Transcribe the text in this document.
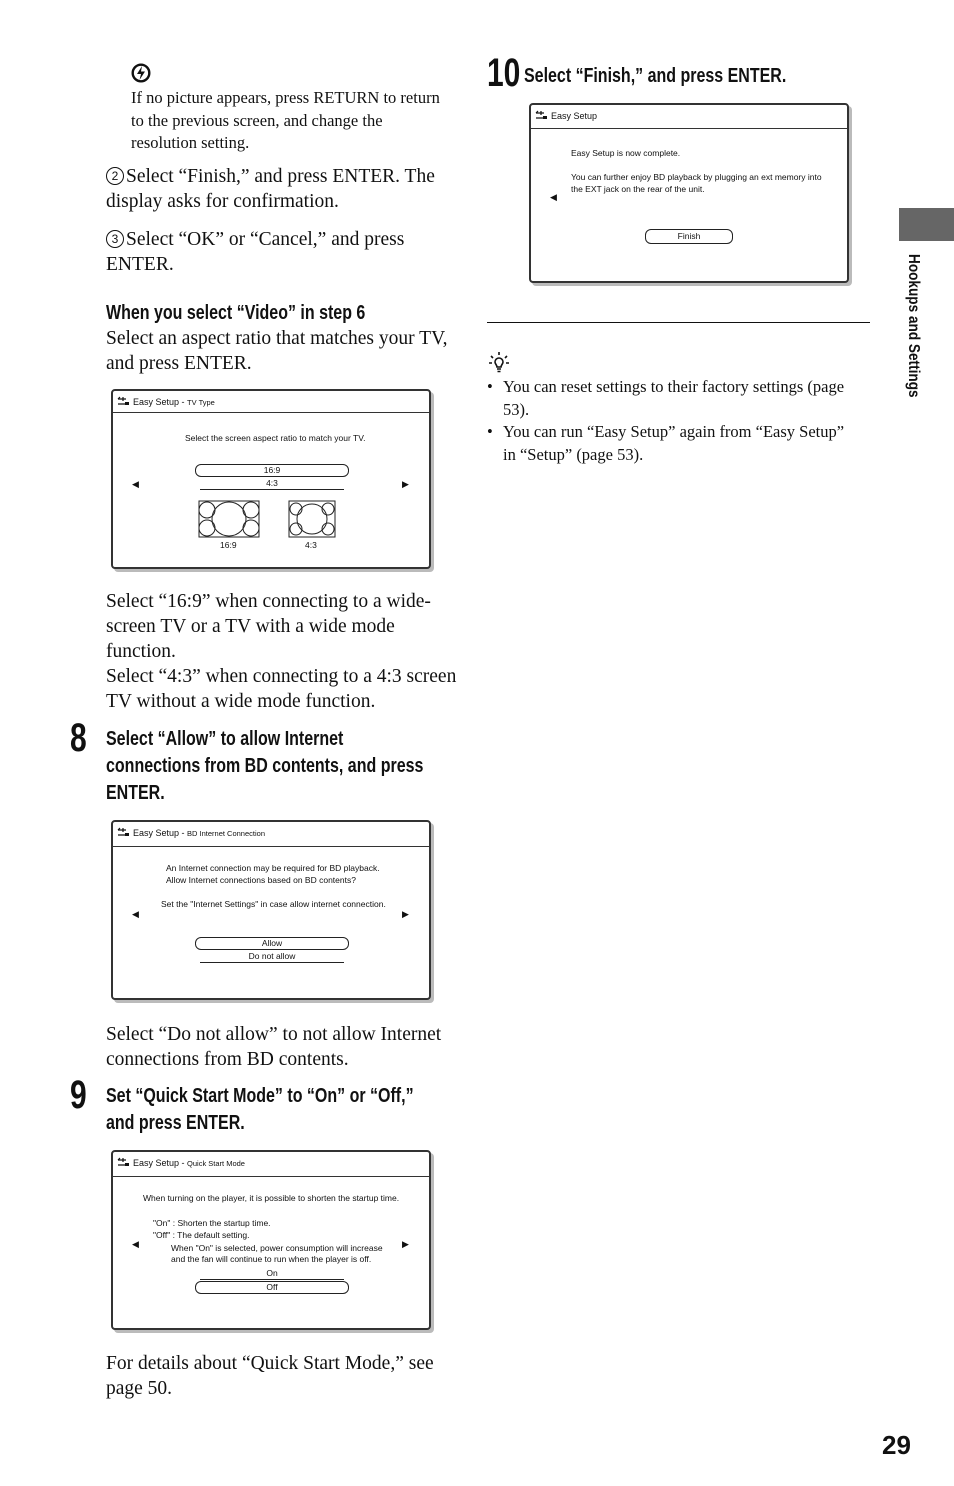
If no picture appears, press RETURN to return to the previous screen, and change the resolution setting.
2 Select “Finish,” and press ENTER. The display asks for confirmation.
3 Select “OK” or “Cancel,” and press ENTER.
When you select “Video” in step 6
Select an aspect ratio that matches your TV, and press ENTER.
Easy Setup - TV Type
Select the screen aspect ratio to match your TV.
◀	▶
16:9
4:3
16:9	4:3
Select “16:9” when connecting to a wide-screen TV or a TV with a wide mode function.
Select “4:3” when connecting to a 4:3 screen TV without a wide mode function.
8 Select “Allow” to allow Internet connections from BD contents, and press ENTER.
Easy Setup - BD Internet Connection
An Internet connection may be required for BD playback.
Allow Internet connections based on BD contents?
Set the "Internet Settings" in case allow internet connection.
◀	▶
Allow
Do not allow
Select “Do not allow” to not allow Internet connections from BD contents.
9 Set “Quick Start Mode” to “On” or “Off,” and press ENTER.
Easy Setup - Quick Start Mode
When turning on the player, it is possible to shorten the startup time.
"On" : Shorten the startup time.
"Off" : The default setting.
When "On" is selected, power consumption will increase
and the fan will continue to run when the player is off.
◀	▶
On
Off
For details about “Quick Start Mode,” see page 50.
10 Select “Finish,” and press ENTER.
Easy Setup
Easy Setup is now complete.
You can further enjoy BD playback by plugging an ext memory into
the EXT jack on the rear of the unit.
◀
Finish
• You can reset settings to their factory settings (page 53).
• You can run “Easy Setup” again from “Easy Setup” in “Setup” (page 53).
Hookups and Settings
29
